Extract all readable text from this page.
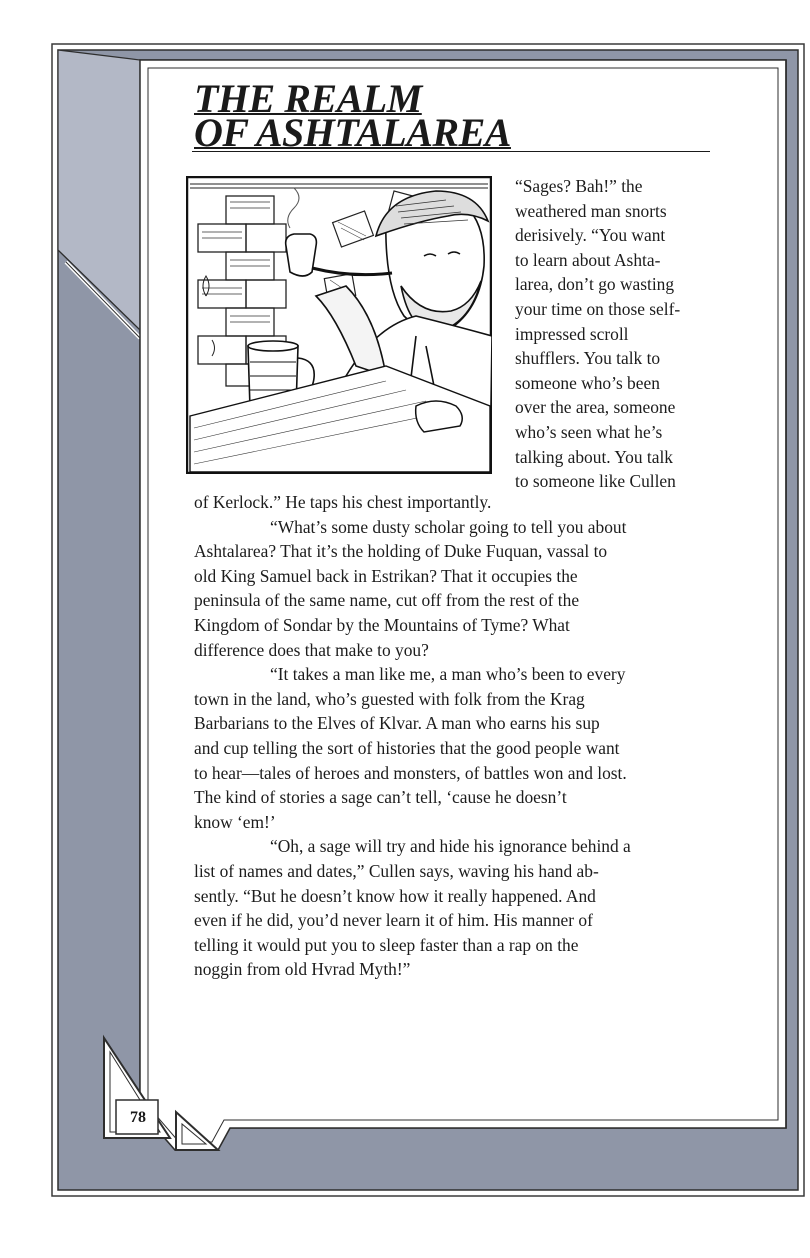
THE REALM
OF ASHTALAREA
“Sages? Bah!” the
weathered man snorts
derisively. “You want
to learn about Ashta-
larea, don’t go wasting
your time on those self-
impressed scroll
shufflers. You talk to
someone who’s been
over the area, someone
who’s seen what he’s
talking about. You talk
to someone like Cullen
of Kerlock.” He taps his chest importantly.
“What’s some dusty scholar going to tell you about
Ashtalarea? That it’s the holding of Duke Fuquan, vassal to
old King Samuel back in Estrikan? That it occupies the
peninsula of the same name, cut off from the rest of the
Kingdom of Sondar by the Mountains of Tyme? What
difference does that make to you?
“It takes a man like me, a man who’s been to every
town in the land, who’s guested with folk from the Krag
Barbarians to the Elves of Klvar. A man who earns his sup
and cup telling the sort of histories that the good people want
to hear—tales of heroes and monsters, of battles won and lost.
The kind of stories a sage can’t tell, ‘cause he doesn’t
know ‘em!’
“Oh, a sage will try and hide his ignorance behind a
list of names and dates,” Cullen says, waving his hand ab-
sently. “But he doesn’t know how it really happened. And
even if he did, you’d never learn it of him. His manner of
telling it would put you to sleep faster than a rap on the
noggin from old Hvrad Myth!”
78
